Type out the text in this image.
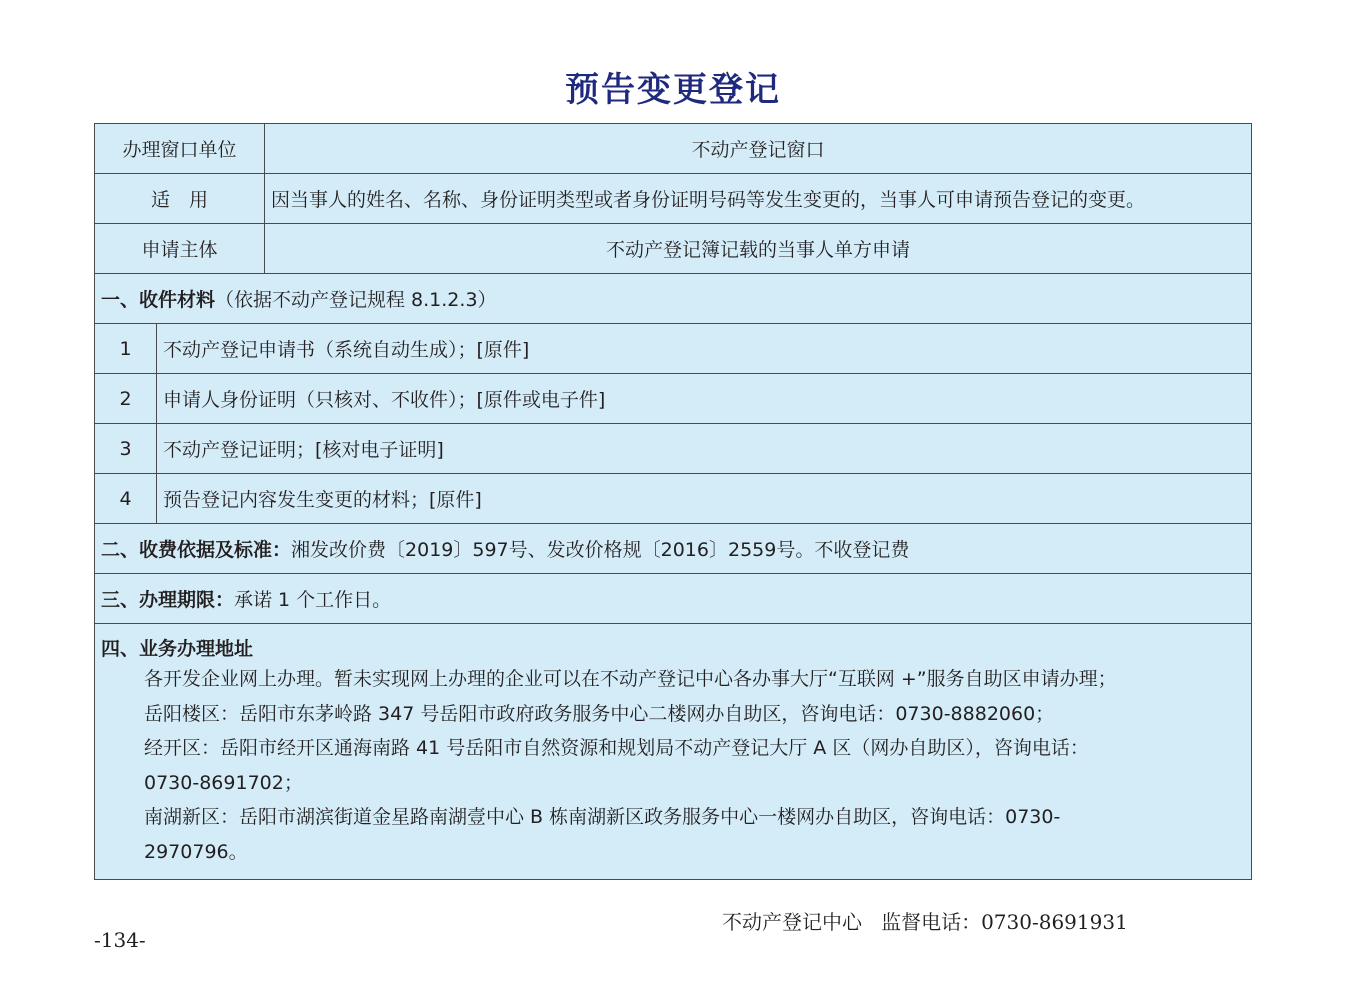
预告变更登记
办理窗口单位	不动产登记窗口
适　用	因当事人的姓名、名称、身份证明类型或者身份证明号码等发生变更的，当事人可申请预告登记的变更。
申请主体	不动产登记簿记载的当事人单方申请
一、收件材料 （依据不动产登记规程 8.1.2.3）
1	不动产登记申请书（系统自动生成）；[原件]
2	申请人身份证明（只核对、不收件）；[原件或电子件]
3	不动产登记证明；[核对电子证明]
4	预告登记内容发生变更的材料；[原件]
二、收费依据及标准： 湘发改价费〔2019〕597号、发改价格规〔2016〕2559号。不收登记费
三、办理期限： 承诺 1 个工作日。
四、业务办理地址
各开发企业网上办理。暂未实现网上办理的企业可以在不动产登记中心各办事大厅“互联网 +”服务自助区申请办理；
岳阳楼区：岳阳市东茅岭路 347 号岳阳市政府政务服务中心二楼网办自助区，咨询电话：0730-8882060；
经开区：岳阳市经开区通海南路 41 号岳阳市自然资源和规划局不动产登记大厅 A 区（网办自助区），咨询电话：
0730-8691702；
南湖新区：岳阳市湖滨街道金星路南湖壹中心 B 栋南湖新区政务服务中心一楼网办自助区，咨询电话：0730-
2970796。
不动产登记中心 监督电话：0730-8691931
-134-
